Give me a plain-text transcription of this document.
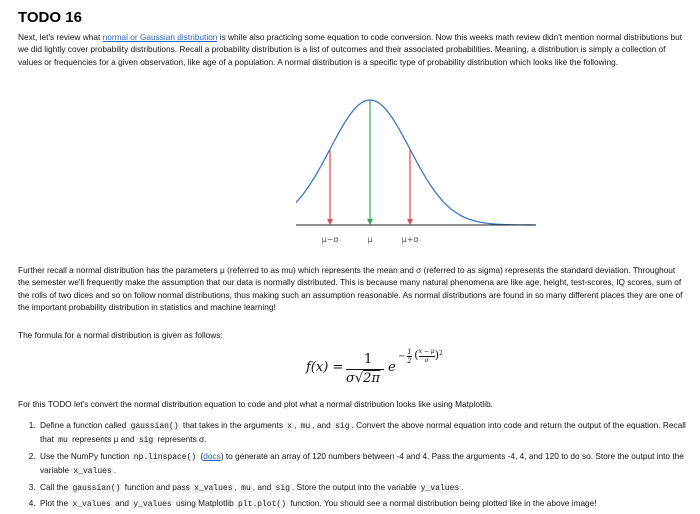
TODO 16

Next, let's review what normal or Gaussian distribution is while also practicing some equation to code conversion. Now this weeks math review didn't mention normal distributions but we did lightly cover probability distributions. Recall a probability distribution is a list of outcomes and their associated probabilities. Meaning, a distribution is simply a collection of values or frequencies for a given observation, like age of a population. A normal distribution is a specific type of probability distribution which looks like the following.

μ−σ	μ	μ+σ

Further recall a normal distribution has the parameters μ (referred to as mu) which represents the mean and σ (referred to as sigma) represents the standard deviation. Throughout the semester we'll frequently make the assumption that our data is normally distributed. This is because many natural phenomena are like age, height, test-scores, IQ scores, sum of the rolls of two dices and so on follow normal distributions, thus making such an assumption reasonable. As normal distributions are found in so many different places they are one of the important probability distribution in statistics and machine learning!

The formula for a normal distribution is given as follows:

f(x) =
1
σ√2π
e
− $\frac{1}{2}$ ( $\frac{x - \mu}{\sigma} )^2$

For this TODO let's convert the normal distribution equation to code and plot what a normal distribution looks like using Matplotlib.

1. Define a function called gaussian() that takes in the arguments x , mu , and sig . Convert the above normal equation into code and return the output of the equation. Recall that mu represents μ and sig represents σ.
2. Use the NumPy function np.linspace() (docs) to generate an array of 120 numbers between -4 and 4. Pass the arguments -4, 4, and 120 to do so. Store the output into the variable x_values .
3. Call the gaussian() function and pass x_values , mu , and sig . Store the output into the variable y_values .
4. Plot the x_values and y_values using Matplotlib plt.plot() function. You should see a normal distribution being plotted like in the above image!
